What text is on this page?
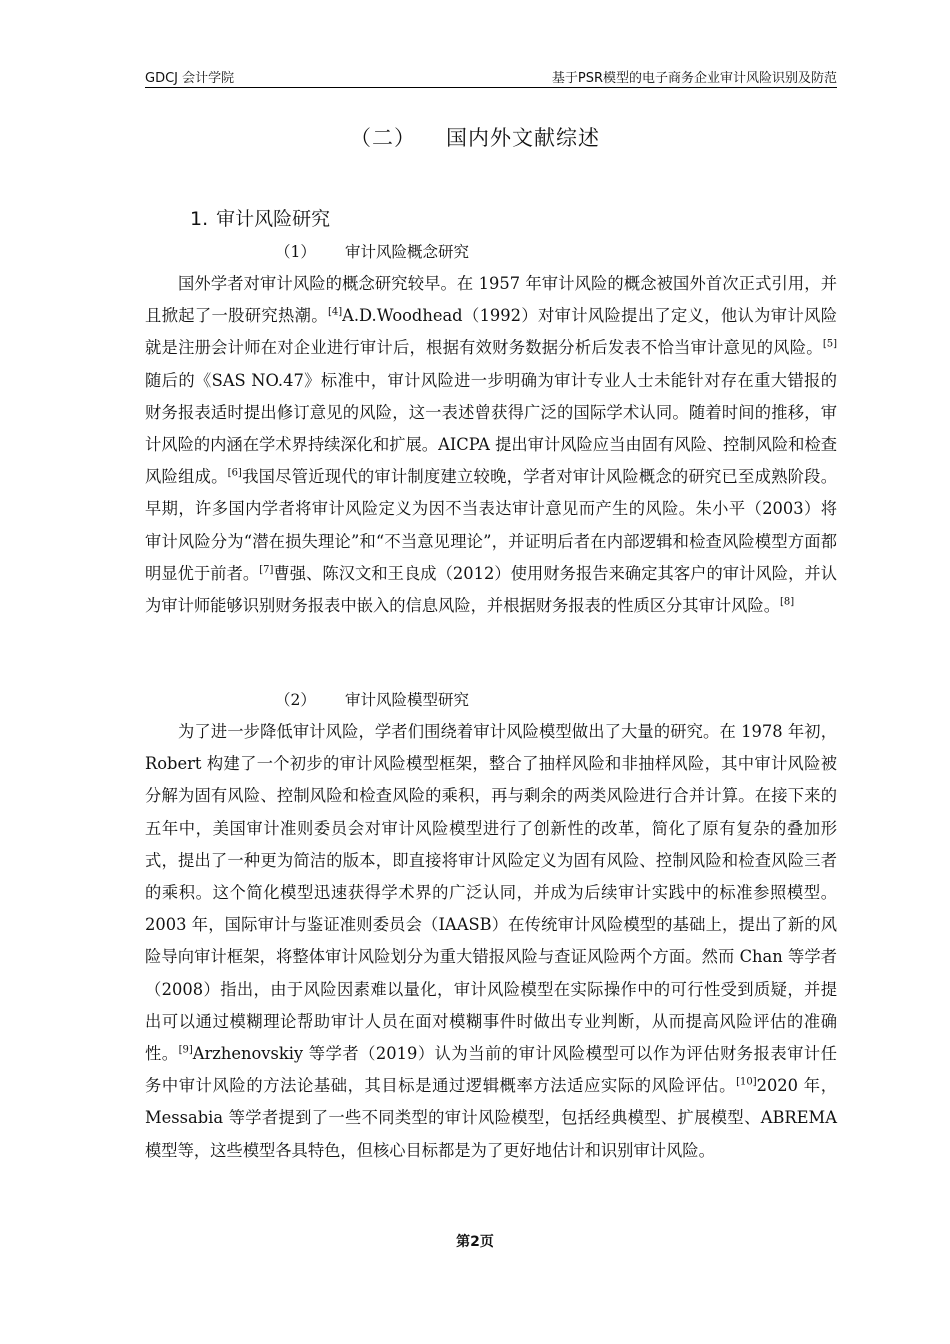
GDCJ 会计学院	基于PSR模型的电子商务企业审计风险识别及防范
（二） 国内外文献综述
1. 审计风险研究
（1） 审计风险概念研究

国外学者对审计风险的概念研究较早。在 1957 年审计风险的概念被国外首次正式引用，并且掀起了一股研究热潮。[4]A.D.Woodhead（1992）对审计风险提出了定义，他认为审计风险就是注册会计师在对企业进行审计后，根据有效财务数据分析后发表不恰当审计意见的风险。[5]随后的《SAS NO.47》标准中，审计风险进一步明确为审计专业人士未能针对存在重大错报的财务报表适时提出修订意见的风险，这一表述曾获得广泛的国际学术认同。随着时间的推移，审计风险的内涵在学术界持续深化和扩展。AICPA 提出审计风险应当由固有风险、控制风险和检查风险组成。[6]我国尽管近现代的审计制度建立较晚，学者对审计风险概念的研究已至成熟阶段。早期，许多国内学者将审计风险定义为因不当表达审计意见而产生的风险。朱小平（2003）将审计风险分为“潜在损失理论”和“不当意见理论”，并证明后者在内部逻辑和检查风险模型方面都明显优于前者。[7]曹强、陈汉文和王良成（2012）使用财务报告来确定其客户的审计风险，并认为审计师能够识别财务报表中嵌入的信息风险，并根据财务报表的性质区分其审计风险。[8]

（2） 审计风险模型研究

为了进一步降低审计风险，学者们围绕着审计风险模型做出了大量的研究。在 1978 年初，Robert 构建了一个初步的审计风险模型框架，整合了抽样风险和非抽样风险，其中审计风险被分解为固有风险、控制风险和检查风险的乘积，再与剩余的两类风险进行合并计算。在接下来的五年中，美国审计准则委员会对审计风险模型进行了创新性的改革，简化了原有复杂的叠加形式，提出了一种更为简洁的版本，即直接将审计风险定义为固有风险、控制风险和检查风险三者的乘积。这个简化模型迅速获得学术界的广泛认同，并成为后续审计实践中的标准参照模型。2003 年，国际审计与鉴证准则委员会（IAASB）在传统审计风险模型的基础上，提出了新的风险导向审计框架，将整体审计风险划分为重大错报风险与查证风险两个方面。然而 Chan 等学者（2008）指出，由于风险因素难以量化，审计风险模型在实际操作中的可行性受到质疑，并提出可以通过模糊理论帮助审计人员在面对模糊事件时做出专业判断，从而提高风险评估的准确性。[9]Arzhenovskiy 等学者（2019）认为当前的审计风险模型可以作为评估财务报表审计任务中审计风险的方法论基础，其目标是通过逻辑概率方法适应实际的风险评估。[10]2020 年，Messabia 等学者提到了一些不同类型的审计风险模型，包括经典模型、扩展模型、ABREMA 模型等，这些模型各具特色，但核心目标都是为了更好地估计和识别审计风险。

第2页
